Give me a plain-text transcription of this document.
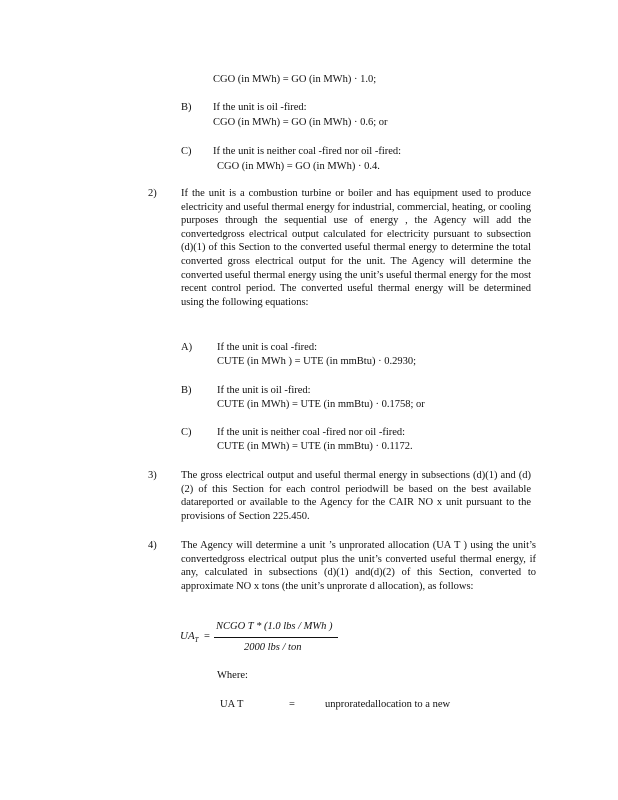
CGO (in MWh) = GO (in MWh) · 1.0;
B) If the unit is oil -fired:
CGO (in MWh) = GO (in MWh) · 0.6; or
C) If the unit is neither coal -fired nor oil -fired:
CGO (in MWh) = GO (in MWh) · 0.4.
2) If the unit is a combustion turbine or boiler and has equipment used to produce electricity and useful thermal energy for industrial, commercial, heating, or cooling purposes through the sequential use of energy , the Agency will add the convertedgross electrical output calculated for electricity pursuant to subsection (d)(1) of this Section to the converted useful thermal energy to determine the total converted gross electrical output for the unit. The Agency will determine the converted useful thermal energy using the unit’s useful thermal energy for the most recent control period. The converted useful thermal energy will be determined using the following equations:
A) If the unit is coal -fired:
CUTE (in MWh ) = UTE (in mmBtu) · 0.2930;
B) If the unit is oil -fired:
CUTE (in MWh) = UTE (in mmBtu) · 0.1758; or
C) If the unit is neither coal -fired nor oil -fired:
CUTE (in MWh) = UTE (in mmBtu) · 0.1172.
3) The gross electrical output and useful thermal energy in subsections (d)(1) and (d)(2) of this Section for each control periodwill be based on the best available datareported or available to the Agency for the CAIR NO x unit pursuant to the provisions of Section 225.450.
4) The Agency will determine a unit ’s unprorated allocation (UA T ) using the unit’s convertedgross electrical output plus the unit’s converted useful thermal energy, if any, calculated in subsections (d)(1) and(d)(2) of this Section, converted to approximate NO x tons (the unit’s unprorate d allocation), as follows:
$UA_T$ =
NCGO T * (1.0 lbs / MWh )
2000 lbs / ton
Where:
UA T	=	unproratedallocation to a new
